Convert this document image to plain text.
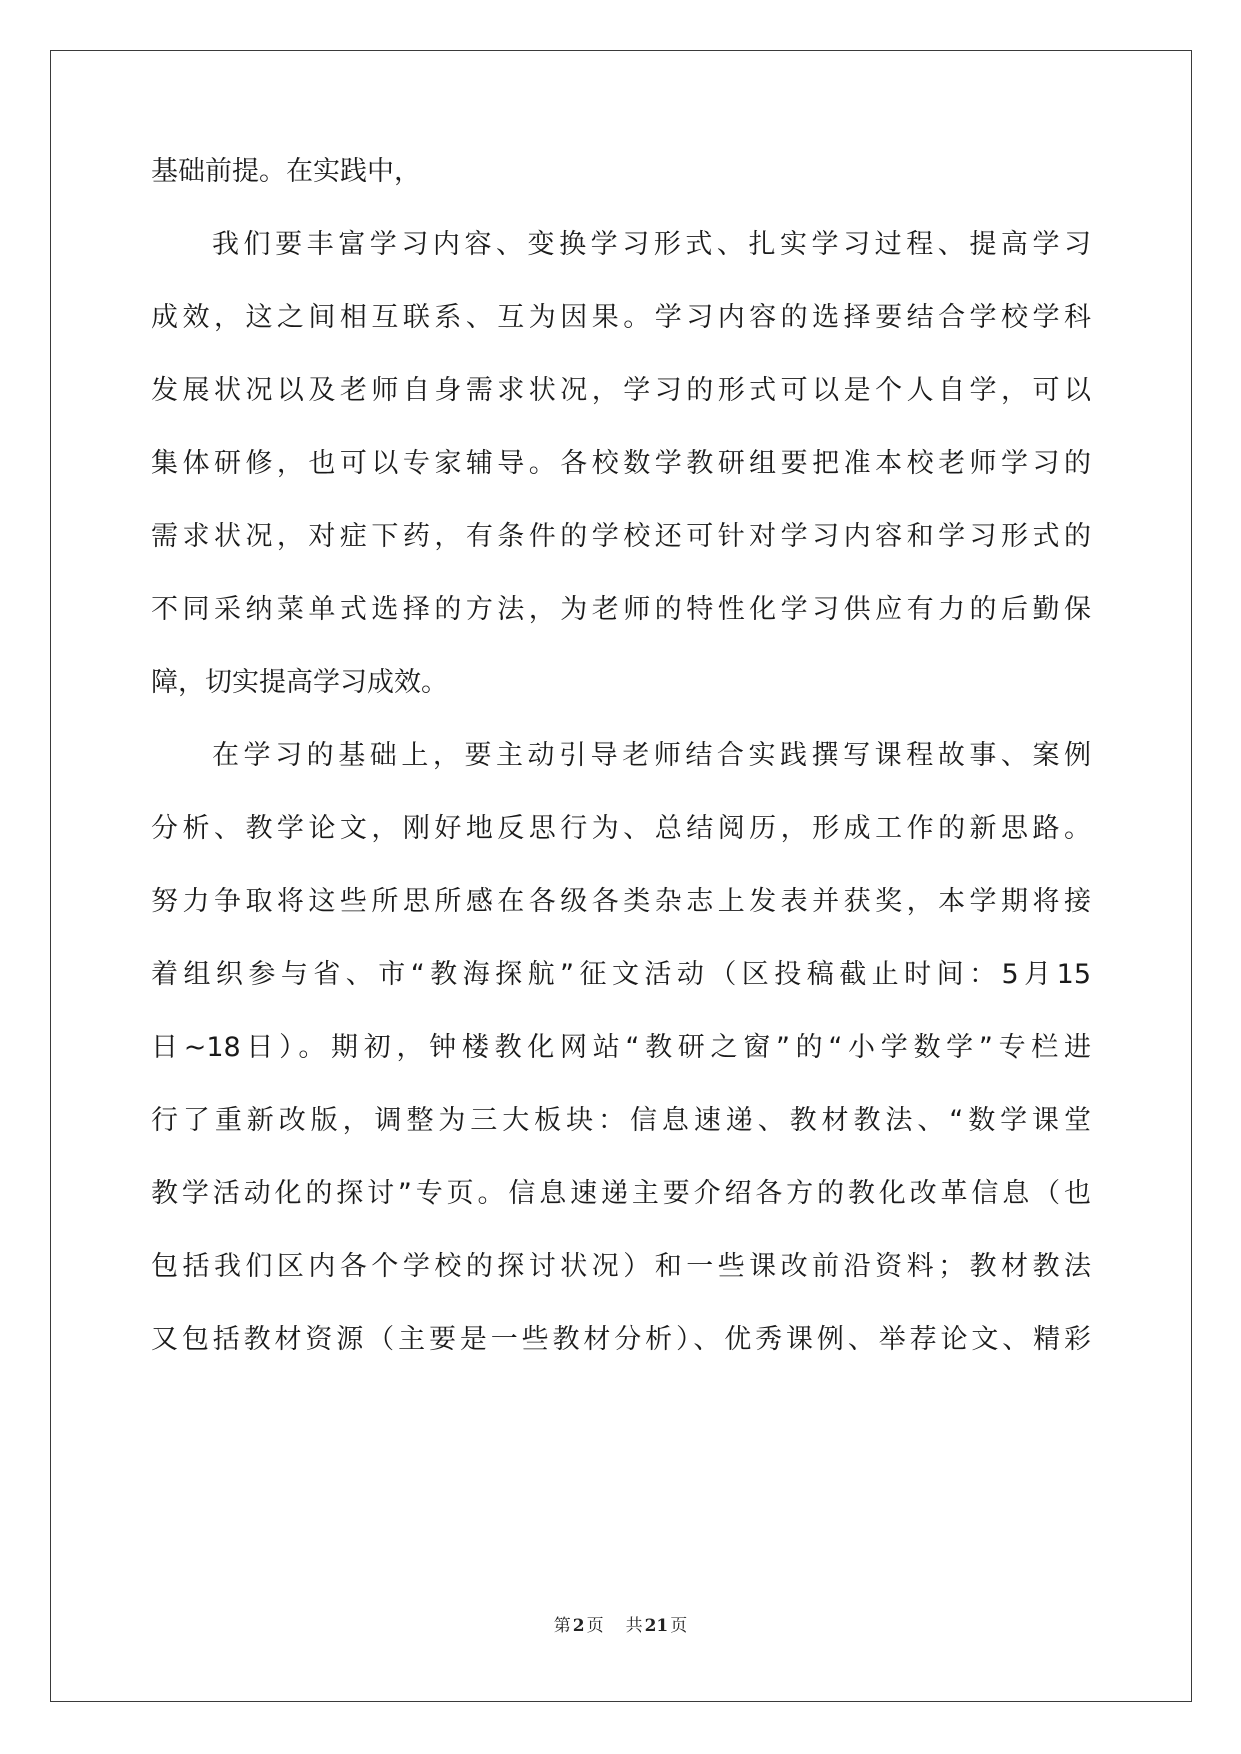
基础前提。在实践中，
我们要丰富学习内容、变换学习形式、扎实学习过程、提高学习
成效，这之间相互联系、互为因果。学习内容的选择要结合学校学科
发展状况以及老师自身需求状况，学习的形式可以是个人自学，可以
集体研修，也可以专家辅导。各校数学教研组要把准本校老师学习的
需求状况，对症下药，有条件的学校还可针对学习内容和学习形式的
不同采纳菜单式选择的方法，为老师的特性化学习供应有力的后勤保
障，切实提高学习成效。
在学习的基础上，要主动引导老师结合实践撰写课程故事、案例
分析、教学论文，刚好地反思行为、总结阅历，形成工作的新思路。
努力争取将这些所思所感在各级各类杂志上发表并获奖，本学期将接
着组织参与省、市“教海探航”征文活动（区投稿截止时间：5月15
日~18日）。期初，钟楼教化网站“教研之窗”的“小学数学”专栏进
行了重新改版，调整为三大板块：信息速递、教材教法、“数学课堂
教学活动化的探讨”专页。信息速递主要介绍各方的教化改革信息（也
包括我们区内各个学校的探讨状况）和一些课改前沿资料；教材教法
又包括教材资源（主要是一些教材分析）、优秀课例、举荐论文、精彩
第 2 页 共 21 页
